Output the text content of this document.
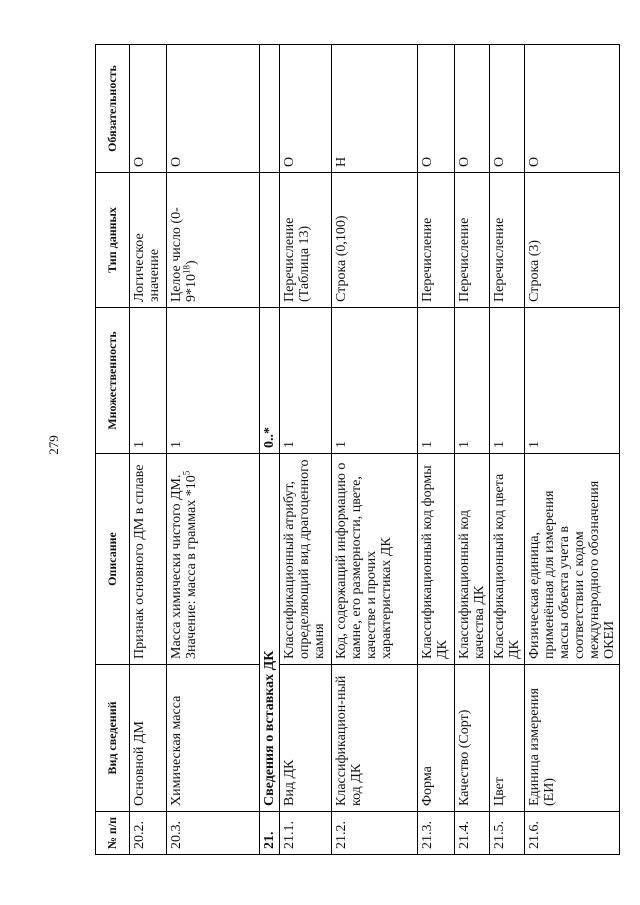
279
№ п/п	Вид сведений	Описание	Множественность	Тип данных	Обязательность
20.2.	Основной ДМ	Признак основного ДМ в сплаве	1	Логическое значение	О
20.3.	Химическая масса	Масса химически чистого ДМ. Значение: масса в граммах $*10^5$	1	Целое число $(0-9*10^{18})$	О
21.	Сведения о вставках ДК		0..*		
21.1.	Вид ДК	Классификационный атрибут, определяющий вид драгоценного камня	1	Перечисление (Таблица 13)	О
21.2.	Классификацион-ный код ДК	Код, содержащий информацию о камне, его размерности, цвете, качестве и прочих характеристиках ДК	1	Строка (0,100)	Н
21.3.	Форма	Классификационный код формы ДК	1	Перечисление	О
21.4.	Качество (Сорт)	Классификационный код качества ДК	1	Перечисление	О
21.5.	Цвет	Классификационный код цвета ДК	1	Перечисление	О
21.6.	Единица измерения (ЕИ)	Физическая единица, применённая для измерения массы объекта учета в соответствии с кодом международного обозначения ОКЕИ	1	Строка (3)	О
